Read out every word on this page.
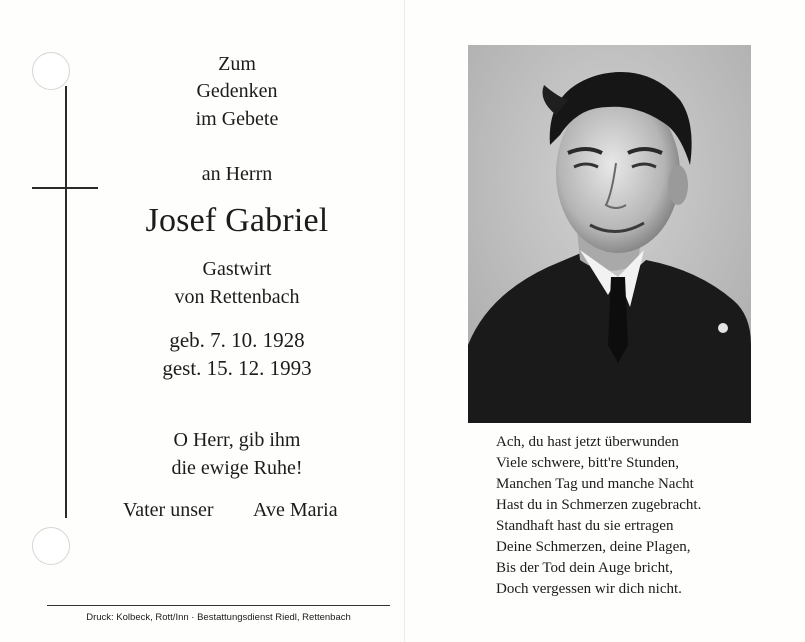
Zum
Gedenken
im Gebete
an Herrn
Josef Gabriel
Gastwirt
von Rettenbach
geb. 7. 10. 1928
gest. 15. 12. 1993
O Herr, gib ihm
die ewige Ruhe!
Vater unser Ave Maria
Druck: Kolbeck, Rott/Inn · Bestattungsdienst Riedl, Rettenbach
Ach, du hast jetzt überwunden
Viele schwere, bitt're Stunden,
Manchen Tag und manche Nacht
Hast du in Schmerzen zugebracht.
Standhaft hast du sie ertragen
Deine Schmerzen, deine Plagen,
Bis der Tod dein Auge bricht,
Doch vergessen wir dich nicht.
